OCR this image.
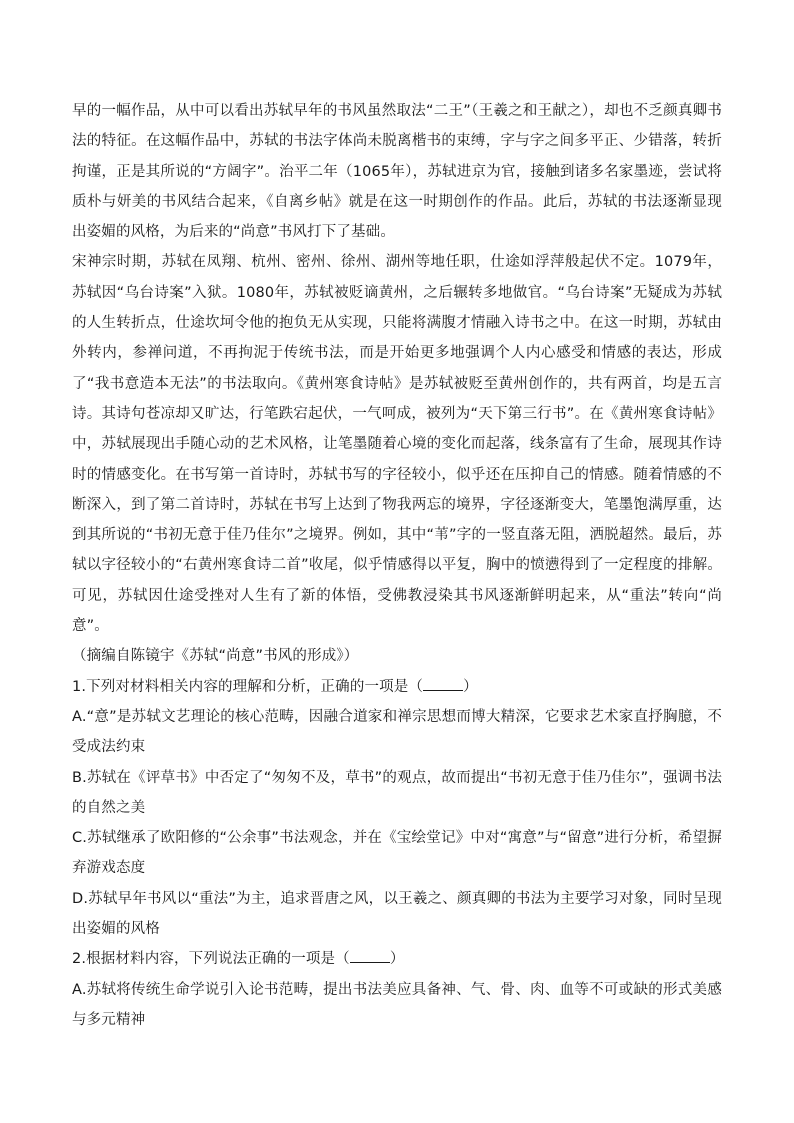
早的一幅作品，从中可以看出苏轼早年的书风虽然取法“二王”（王羲之和王献之），却也不乏颜真卿书法的特征。在这幅作品中，苏轼的书法字体尚未脱离楷书的束缚，字与字之间多平正、少错落，转折拘谨，正是其所说的“方阔字”。治平二年（1065年），苏轼进京为官，接触到诸多名家墨迹，尝试将质朴与妍美的书风结合起来，《自离乡帖》就是在这一时期创作的作品。此后，苏轼的书法逐渐显现出姿媚的风格，为后来的“尚意”书风打下了基础。

宋神宗时期，苏轼在凤翔、杭州、密州、徐州、湖州等地任职，仕途如浮萍般起伏不定。1079年，苏轼因“乌台诗案”入狱。1080年，苏轼被贬谪黄州，之后辗转多地做官。“乌台诗案”无疑成为苏轼的人生转折点，仕途坎坷令他的抱负无从实现，只能将满腹才情融入诗书之中。在这一时期，苏轼由外转内，参禅问道，不再拘泥于传统书法，而是开始更多地强调个人内心感受和情感的表达，形成了“我书意造本无法”的书法取向。《黄州寒食诗帖》是苏轼被贬至黄州创作的，共有两首，均是五言诗。其诗句苍凉却又旷达，行笔跌宕起伏，一气呵成，被列为“天下第三行书”。在《黄州寒食诗帖》中，苏轼展现出手随心动的艺术风格，让笔墨随着心境的变化而起落，线条富有了生命，展现其作诗时的情感变化。在书写第一首诗时，苏轼书写的字径较小，似乎还在压抑自己的情感。随着情感的不断深入，到了第二首诗时，苏轼在书写上达到了物我两忘的境界，字径逐渐变大，笔墨饱满厚重，达到其所说的“书初无意于佳乃佳尔”之境界。例如，其中“苇”字的一竖直落无阻，洒脱超然。最后，苏轼以字径较小的“右黄州寒食诗二首”收尾，似乎情感得以平复，胸中的愤懑得到了一定程度的排解。可见，苏轼因仕途受挫对人生有了新的体悟，受佛教浸染其书风逐渐鲜明起来，从“重法”转向“尚意”。

（摘编自陈镜宇《苏轼“尚意”书风的形成》）

1.下列对材料相关内容的理解和分析，正确的一项是（	）

A.“意”是苏轼文艺理论的核心范畴，因融合道家和禅宗思想而博大精深，它要求艺术家直抒胸臆，不受成法约束

B.苏轼在《评草书》中否定了“匆匆不及，草书”的观点，故而提出“书初无意于佳乃佳尔”，强调书法的自然之美

C.苏轼继承了欧阳修的“公余事”书法观念，并在《宝绘堂记》中对“寓意”与“留意”进行分析，希望摒弃游戏态度

D.苏轼早年书风以“重法”为主，追求晋唐之风，以王羲之、颜真卿的书法为主要学习对象，同时呈现出姿媚的风格

2.根据材料内容，下列说法正确的一项是（	）

A.苏轼将传统生命学说引入论书范畴，提出书法美应具备神、气、骨、肉、血等不可或缺的形式美感与多元精神
